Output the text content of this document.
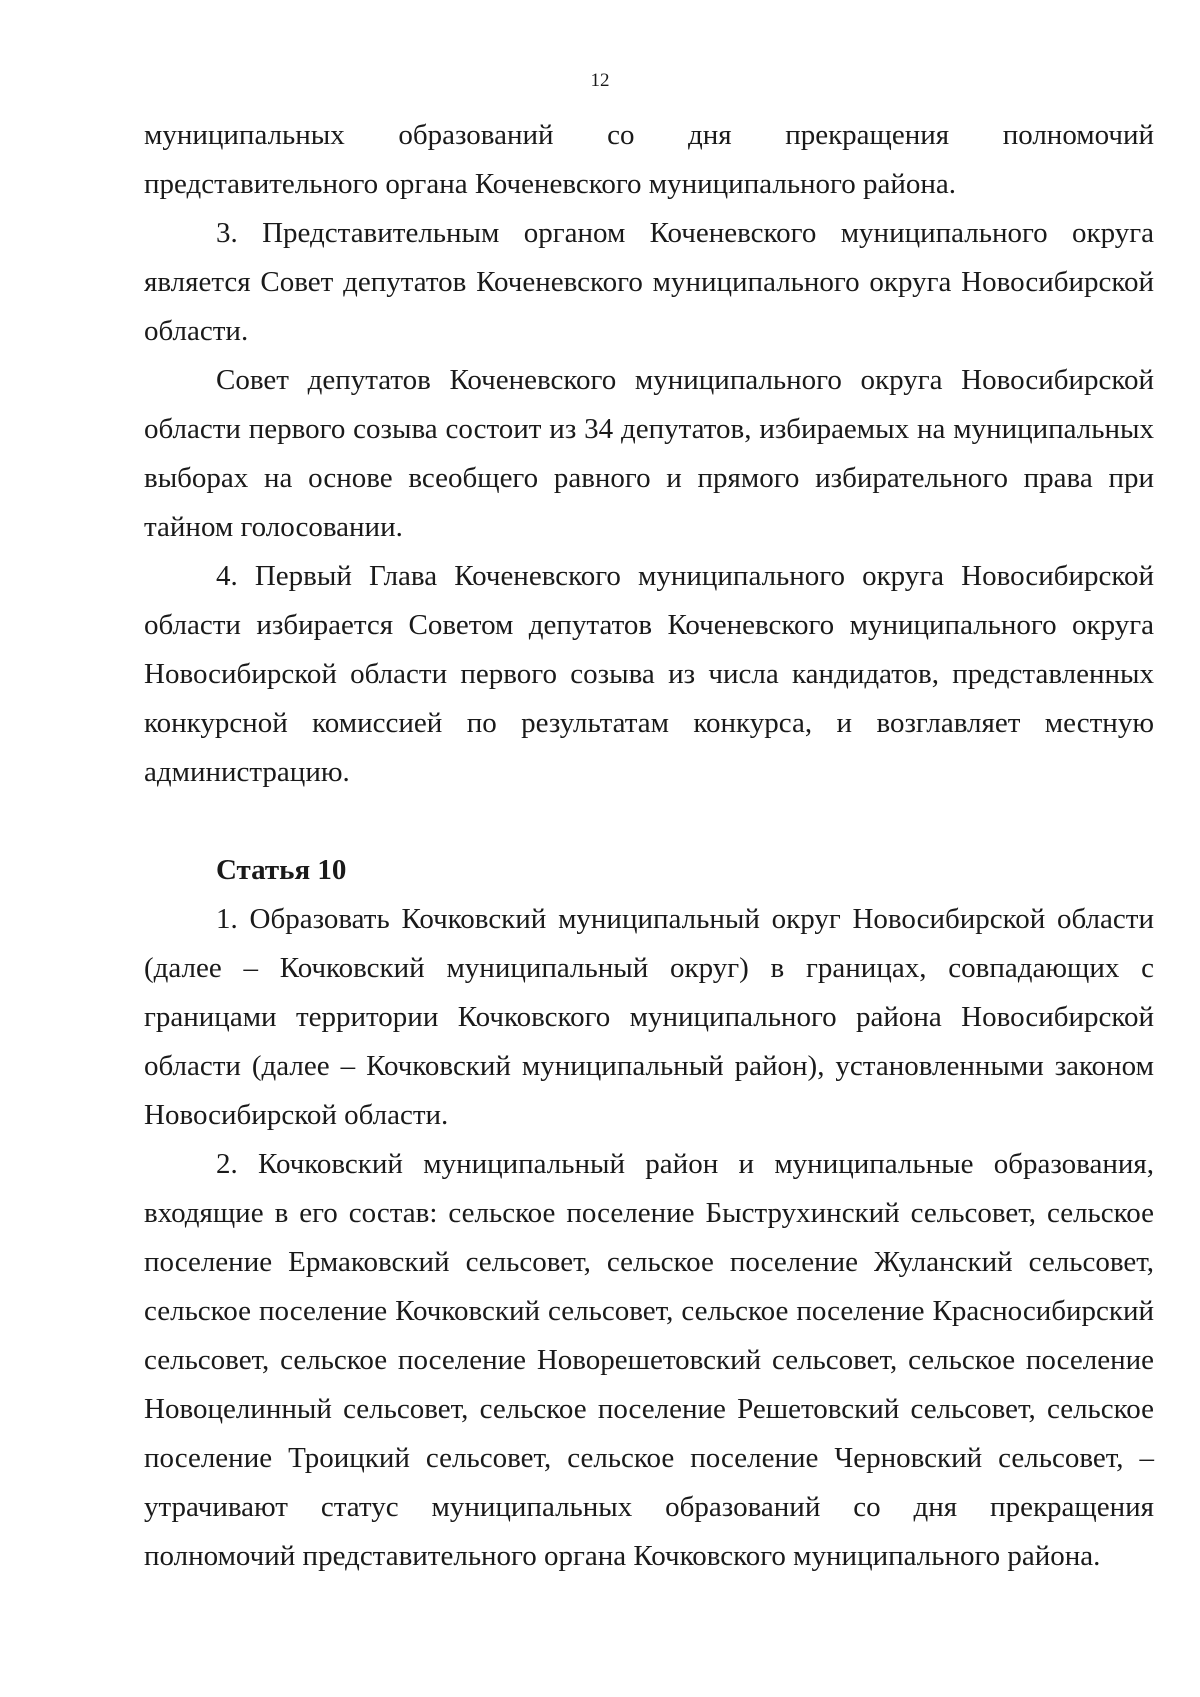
12

муниципальных образований со дня прекращения полномочий представительного органа Коченевского муниципального района.

3. Представительным органом Коченевского муниципального округа является Совет депутатов Коченевского муниципального округа Новосибирской области.

Совет депутатов Коченевского муниципального округа Новосибирской области первого созыва состоит из 34 депутатов, избираемых на муниципальных выборах на основе всеобщего равного и прямого избирательного права при тайном голосовании.

4. Первый Глава Коченевского муниципального округа Новосибирской области избирается Советом депутатов Коченевского муниципального округа Новосибирской области первого созыва из числа кандидатов, представленных конкурсной комиссией по результатам конкурса, и возглавляет местную администрацию.

Статья 10

1. Образовать Кочковский муниципальный округ Новосибирской области (далее – Кочковский муниципальный округ) в границах, совпадающих с границами территории Кочковского муниципального района Новосибирской области (далее – Кочковский муниципальный район), установленными законом Новосибирской области.

2. Кочковский муниципальный район и муниципальные образования, входящие в его состав: сельское поселение Быструхинский сельсовет, сельское поселение Ермаковский сельсовет, сельское поселение Жуланский сельсовет, сельское поселение Кочковский сельсовет, сельское поселение Красносибирский сельсовет, сельское поселение Новорешетовский сельсовет, сельское поселение Новоцелинный сельсовет, сельское поселение Решетовский сельсовет, сельское поселение Троицкий сельсовет, сельское поселение Черновский сельсовет, – утрачивают статус муниципальных образований со дня прекращения полномочий представительного органа Кочковского муниципального района.
